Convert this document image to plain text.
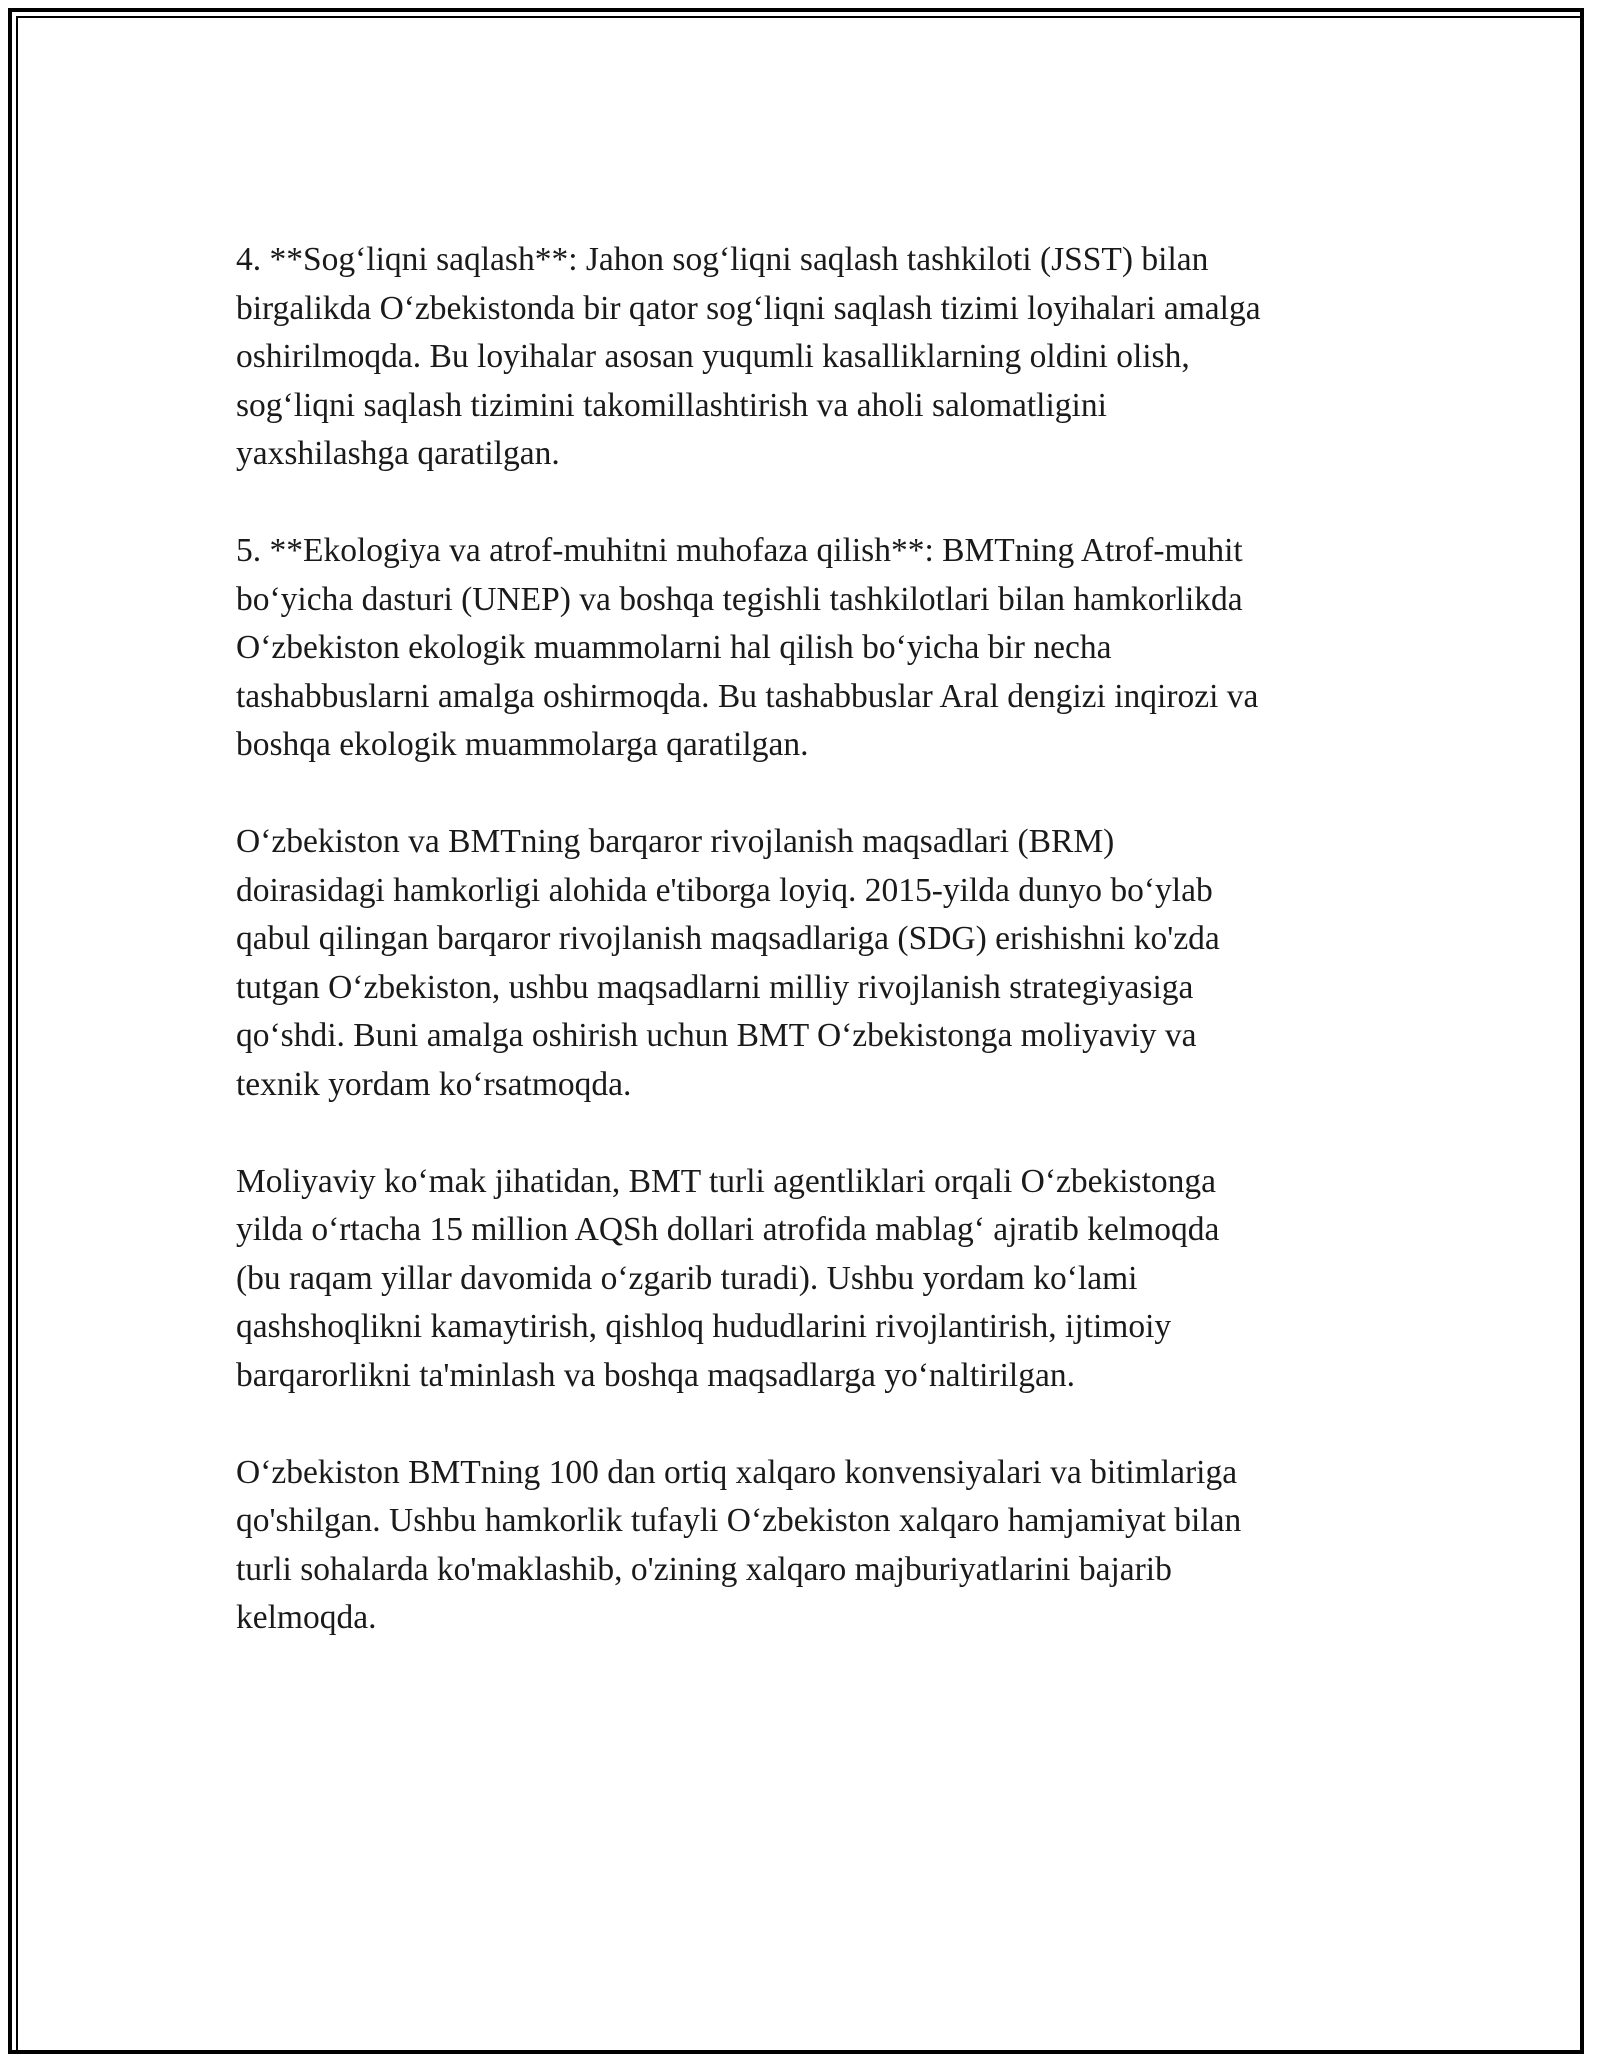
4. **Sog‘liqni saqlash**: Jahon sog‘liqni saqlash tashkiloti (JSST) bilan
birgalikda O‘zbekistonda bir qator sog‘liqni saqlash tizimi loyihalari amalga
oshirilmoqda. Bu loyihalar asosan yuqumli kasalliklarning oldini olish,
sog‘liqni saqlash tizimini takomillashtirish va aholi salomatligini
yaxshilashga qaratilgan.

5. **Ekologiya va atrof-muhitni muhofaza qilish**: BMTning Atrof-muhit
bo‘yicha dasturi (UNEP) va boshqa tegishli tashkilotlari bilan hamkorlikda
O‘zbekiston ekologik muammolarni hal qilish bo‘yicha bir necha
tashabbuslarni amalga oshirmoqda. Bu tashabbuslar Aral dengizi inqirozi va
boshqa ekologik muammolarga qaratilgan.

O‘zbekiston va BMTning barqaror rivojlanish maqsadlari (BRM)
doirasidagi hamkorligi alohida e'tiborga loyiq. 2015-yilda dunyo bo‘ylab
qabul qilingan barqaror rivojlanish maqsadlariga (SDG) erishishni ko'zda
tutgan O‘zbekiston, ushbu maqsadlarni milliy rivojlanish strategiyasiga
qo‘shdi. Buni amalga oshirish uchun BMT O‘zbekistonga moliyaviy va
texnik yordam ko‘rsatmoqda.

Moliyaviy ko‘mak jihatidan, BMT turli agentliklari orqali O‘zbekistonga
yilda o‘rtacha 15 million AQSh dollari atrofida mablag‘ ajratib kelmoqda
(bu raqam yillar davomida o‘zgarib turadi). Ushbu yordam ko‘lami
qashshoqlikni kamaytirish, qishloq hududlarini rivojlantirish, ijtimoiy
barqarorlikni ta'minlash va boshqa maqsadlarga yo‘naltirilgan.

O‘zbekiston BMTning 100 dan ortiq xalqaro konvensiyalari va bitimlariga
qo'shilgan. Ushbu hamkorlik tufayli O‘zbekiston xalqaro hamjamiyat bilan
turli sohalarda ko'maklashib, o'zining xalqaro majburiyatlarini bajarib
kelmoqda.
